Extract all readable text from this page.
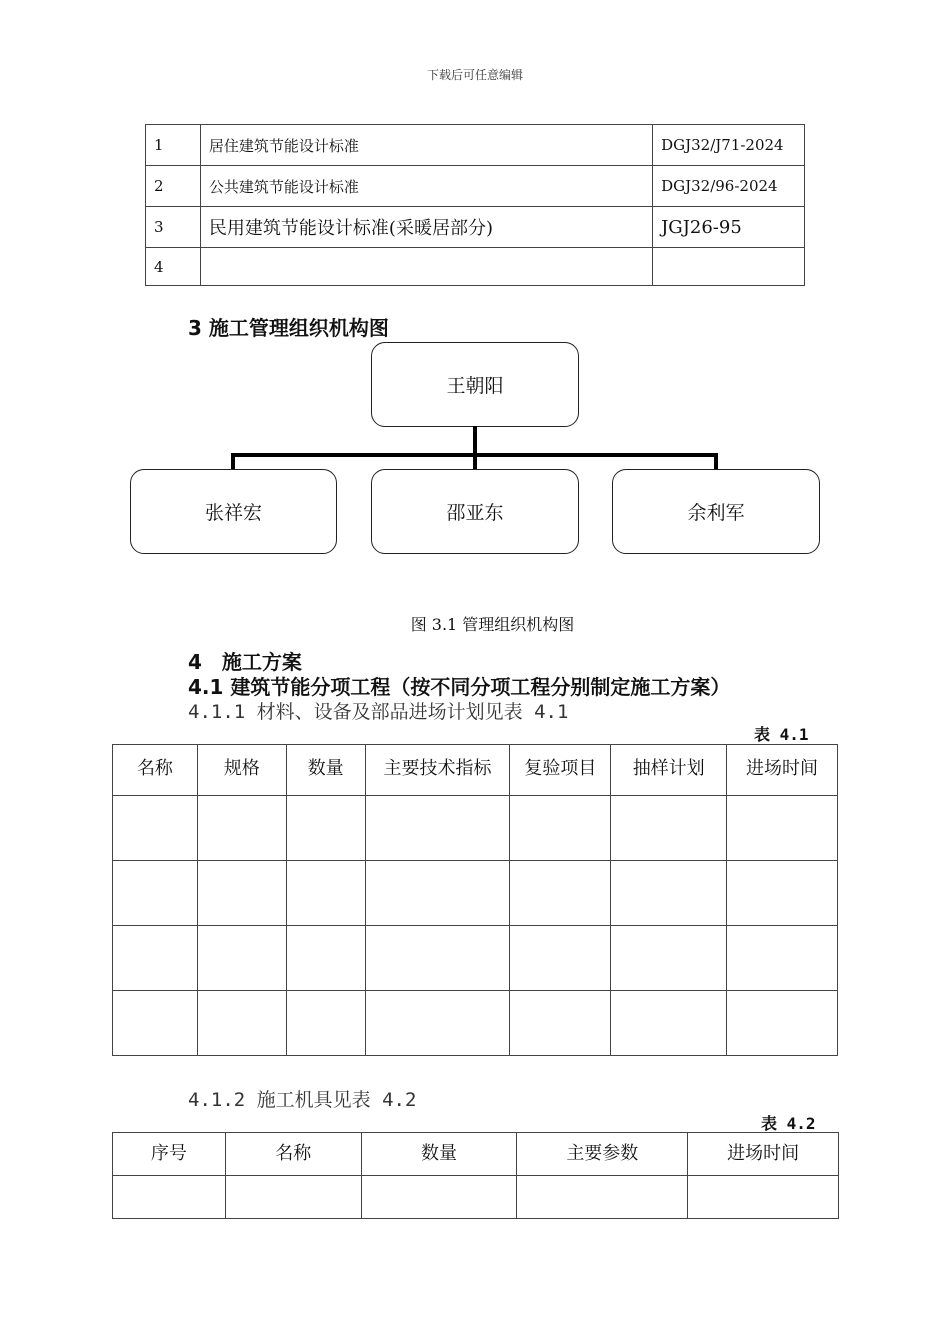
下载后可任意编辑
1	居住建筑节能设计标准	DGJ32/J71-2024
2	公共建筑节能设计标准	DGJ32/96-2024
3	民用建筑节能设计标准(采暖居部分)	JGJ26-95
4		
3 施工管理组织机构图
王朝阳
张祥宏	邵亚东	余利军
图 3.1 管理组织机构图
4　施工方案
4.1 建筑节能分项工程（按不同分项工程分别制定施工方案）
4.1.1 材料、设备及部品进场计划见表 4.1
表 4.1
名称	规格	数量	主要技术指标	复验项目	抽样计划	进场时间

4.1.2 施工机具见表 4.2
表 4.2
序号	名称	数量	主要参数	进场时间
